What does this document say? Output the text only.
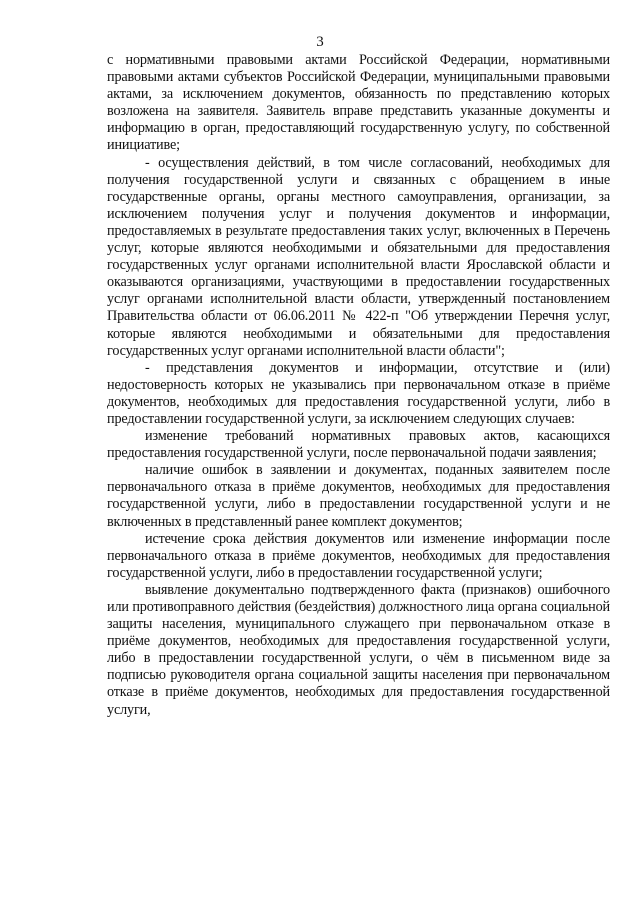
3

с нормативными правовыми актами Российской Федерации, нормативными правовыми актами субъектов Российской Федерации, муниципальными правовыми актами, за исключением документов, обязанность по представлению которых возложена на заявителя. Заявитель вправе представить указанные документы и информацию в орган, предоставляющий государственную услугу, по собственной инициативе;

- осуществления действий, в том числе согласований, необходимых для получения государственной услуги и связанных с обращением в иные государственные органы, органы местного самоуправления, организации, за исключением получения услуг и получения документов и информации, предоставляемых в результате предоставления таких услуг, включенных в Перечень услуг, которые являются необходимыми и обязательными для предоставления государственных услуг органами исполнительной власти Ярославской области и оказываются организациями, участвующими в предоставлении государственных услуг органами исполнительной власти области, утвержденный постановлением Правительства области от 06.06.2011 № 422-п "Об утверждении Перечня услуг, которые являются необходимыми и обязательными для предоставления государственных услуг органами исполнительной власти области";

- представления документов и информации, отсутствие и (или) недостоверность которых не указывались при первоначальном отказе в приёме документов, необходимых для предоставления государственной услуги, либо в предоставлении государственной услуги, за исключением следующих случаев:

изменение требований нормативных правовых актов, касающихся предоставления государственной услуги, после первоначальной подачи заявления;

наличие ошибок в заявлении и документах, поданных заявителем после первоначального отказа в приёме документов, необходимых для предоставления государственной услуги, либо в предоставлении государственной услуги и не включенных в представленный ранее комплект документов;

истечение срока действия документов или изменение информации после первоначального отказа в приёме документов, необходимых для предоставления государственной услуги, либо в предоставлении государственной услуги;

выявление документально подтвержденного факта (признаков) ошибочного или противоправного действия (бездействия) должностного лица органа социальной защиты населения, муниципального служащего при первоначальном отказе в приёме документов, необходимых для предоставления государственной услуги, либо в предоставлении государственной услуги, о чём в письменном виде за подписью руководителя органа социальной защиты населения при первоначальном отказе в приёме документов, необходимых для предоставления государственной услуги,
